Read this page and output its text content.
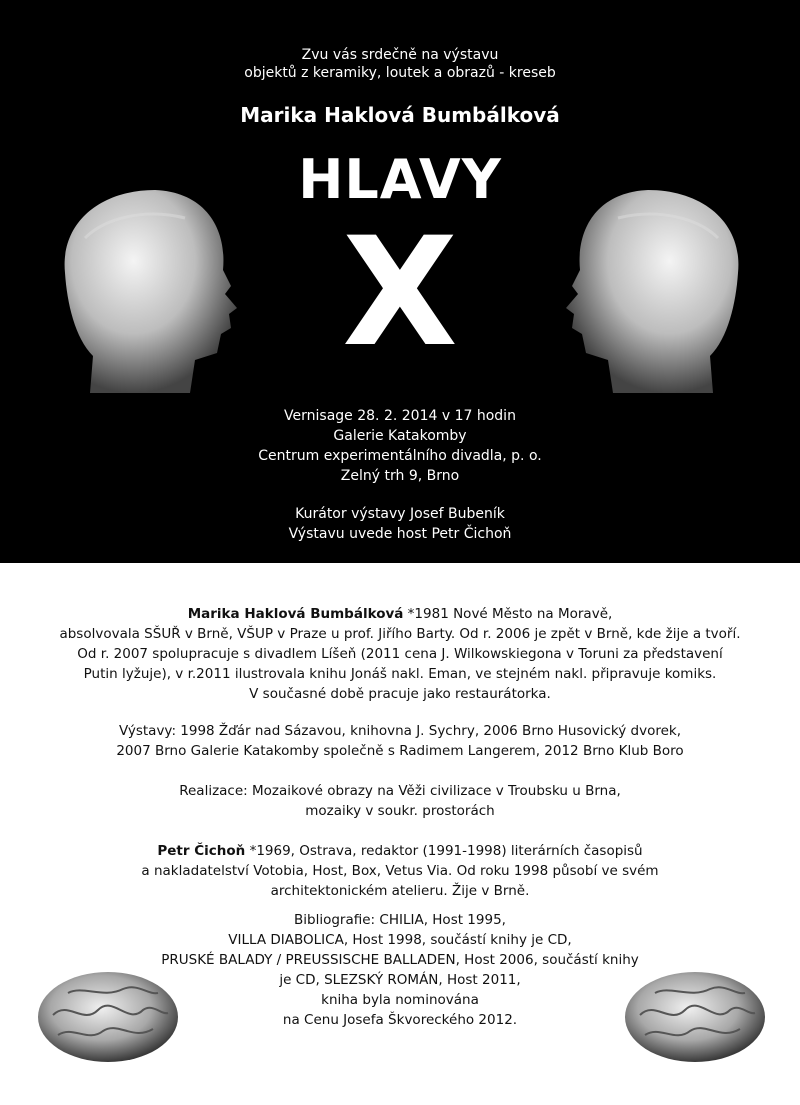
Zvu vás srdečně na výstavu
objektů z keramiky, loutek a obrazů - kreseb
Marika Haklová Bumbálková
HLAVY
X
Vernisage 28. 2. 2014 v 17 hodin
Galerie Katakomby
Centrum experimentálního divadla, p. o.
Zelný trh 9, Brno
Kurátor výstavy Josef Bubeník
Výstavu uvede host Petr Čichoň
Marika Haklová Bumbálková *1981 Nové Město na Moravě,
absolvovala SŠUŘ v Brně, VŠUP v Praze u prof. Jiřího Barty. Od r. 2006 je zpět v Brně, kde žije a tvoří.
Od r. 2007 spolupracuje s divadlem Líšeň (2011 cena J. Wilkowskiegona v Toruni za představení
Putin lyžuje), v r.2011 ilustrovala knihu Jonáš nakl. Eman, ve stejném nakl. připravuje komiks.
V současné době pracuje jako restaurátorka.
Výstavy: 1998 Žďár nad Sázavou, knihovna J. Sychry, 2006 Brno Husovický dvorek,
2007 Brno Galerie Katakomby společně s Radimem Langerem, 2012 Brno Klub Boro
Realizace: Mozaikové obrazy na Věži civilizace v Troubsku u Brna,
mozaiky v soukr. prostorách
Petr Čichoň *1969, Ostrava, redaktor (1991-1998) literárních časopisů
a nakladatelství Votobia, Host, Box, Vetus Via. Od roku 1998 působí ve svém
architektonickém atelieru. Žije v Brně.
Bibliografie: CHILIA, Host 1995,
VILLA DIABOLICA, Host 1998, součástí knihy je CD,
PRUSKÉ BALADY / PREUSSISCHE BALLADEN, Host 2006, součástí knihy
je CD, SLEZSKÝ ROMÁN, Host 2011,
kniha byla nominována
na Cenu Josefa Škvoreckého 2012.
